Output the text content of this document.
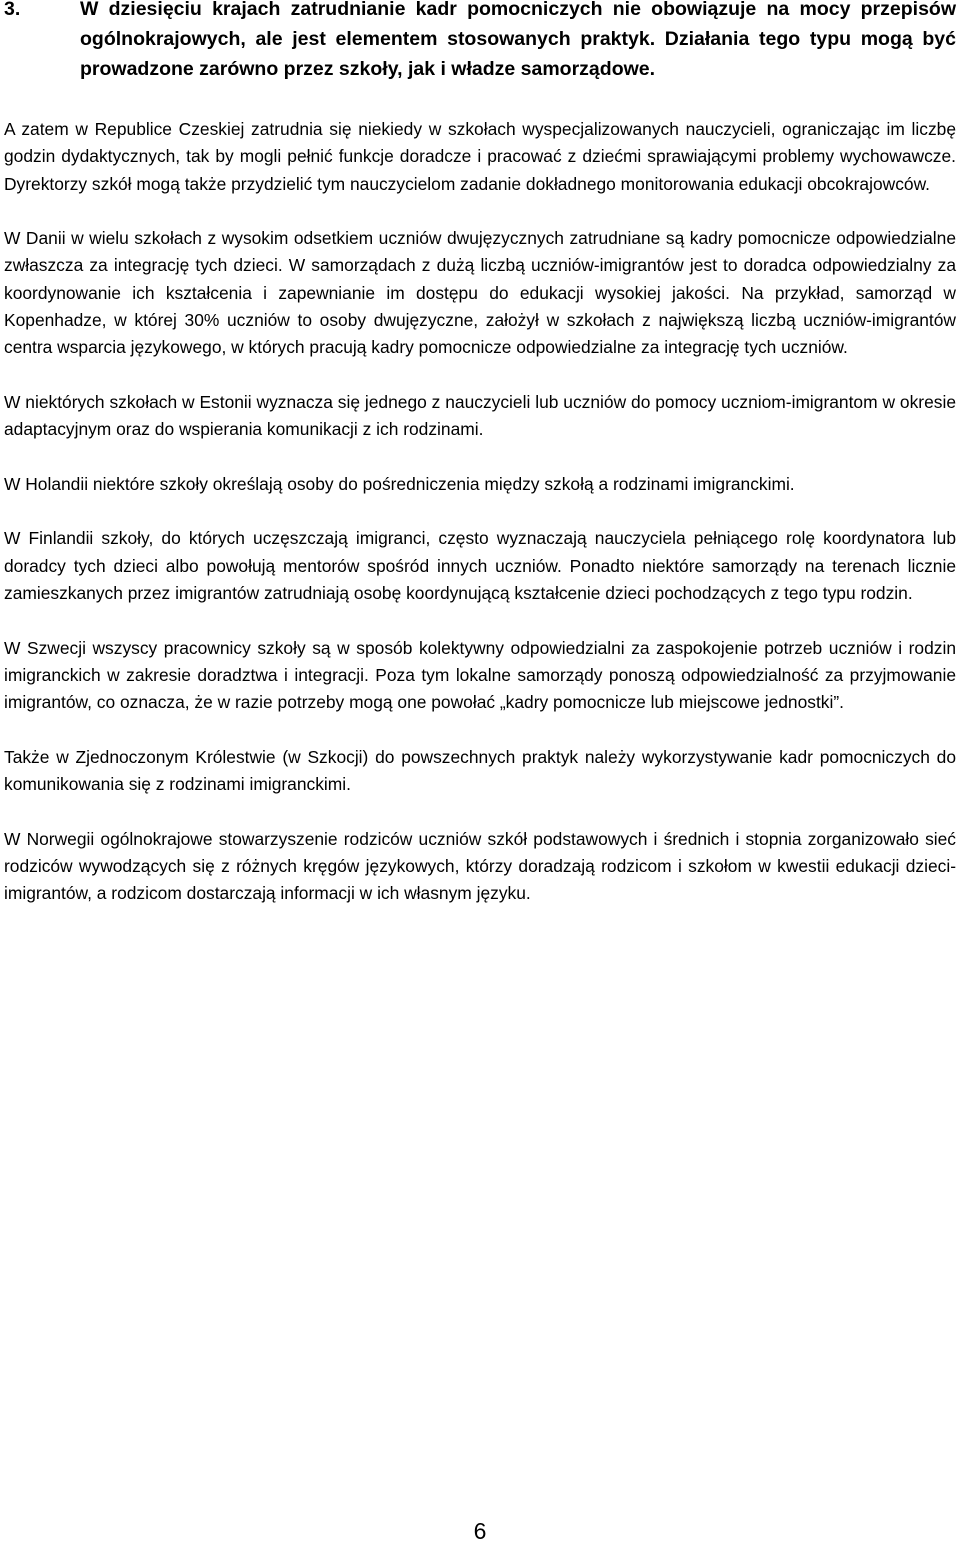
3.	W dziesięciu krajach zatrudnianie kadr pomocniczych nie obowiązuje na mocy przepisów ogólnokrajowych, ale jest elementem stosowanych praktyk. Działania tego typu mogą być prowadzone zarówno przez szkoły, jak i władze samorządowe.

A zatem w Republice Czeskiej zatrudnia się niekiedy w szkołach wyspecjalizowanych nauczycieli, ograniczając im liczbę godzin dydaktycznych, tak by mogli pełnić funkcje doradcze i pracować z dziećmi sprawiającymi problemy wychowawcze. Dyrektorzy szkół mogą także przydzielić tym nauczycielom zadanie dokładnego monitorowania edukacji obcokrajowców.

W Danii w wielu szkołach z wysokim odsetkiem uczniów dwujęzycznych zatrudniane są kadry pomocnicze odpowiedzialne zwłaszcza za integrację tych dzieci. W samorządach z dużą liczbą uczniów-imigrantów jest to doradca odpowiedzialny za koordynowanie ich kształcenia i zapewnianie im dostępu do edukacji wysokiej jakości. Na przykład, samorząd w Kopenhadze, w której 30% uczniów to osoby dwujęzyczne, założył w szkołach z największą liczbą uczniów-imigrantów centra wsparcia językowego, w których pracują kadry pomocnicze odpowiedzialne za integrację tych uczniów.

W niektórych szkołach w Estonii wyznacza się jednego z nauczycieli lub uczniów do pomocy uczniom-imigrantom w okresie adaptacyjnym oraz do wspierania komunikacji z ich rodzinami.

W Holandii niektóre szkoły określają osoby do pośredniczenia między szkołą a rodzinami imigranckimi.

W Finlandii szkoły, do których uczęszczają imigranci, często wyznaczają nauczyciela pełniącego rolę koordynatora lub doradcy tych dzieci albo powołują mentorów spośród innych uczniów. Ponadto niektóre samorządy na terenach licznie zamieszkanych przez imigrantów zatrudniają osobę koordynującą kształcenie dzieci pochodzących z tego typu rodzin.

W Szwecji wszyscy pracownicy szkoły są w sposób kolektywny odpowiedzialni za zaspokojenie potrzeb uczniów i rodzin imigranckich w zakresie doradztwa i integracji. Poza tym lokalne samorządy ponoszą odpowiedzialność za przyjmowanie imigrantów, co oznacza, że w razie potrzeby mogą one powołać „kadry pomocnicze lub miejscowe jednostki”.

Także w Zjednoczonym Królestwie (w Szkocji) do powszechnych praktyk należy wykorzystywanie kadr pomocniczych do komunikowania się z rodzinami imigranckimi.

W Norwegii ogólnokrajowe stowarzyszenie rodziców uczniów szkół podstawowych i średnich i stopnia zorganizowało sieć rodziców wywodzących się z różnych kręgów językowych, którzy doradzają rodzicom i szkołom w kwestii edukacji dzieci-imigrantów, a rodzicom dostarczają informacji w ich własnym języku.

6
